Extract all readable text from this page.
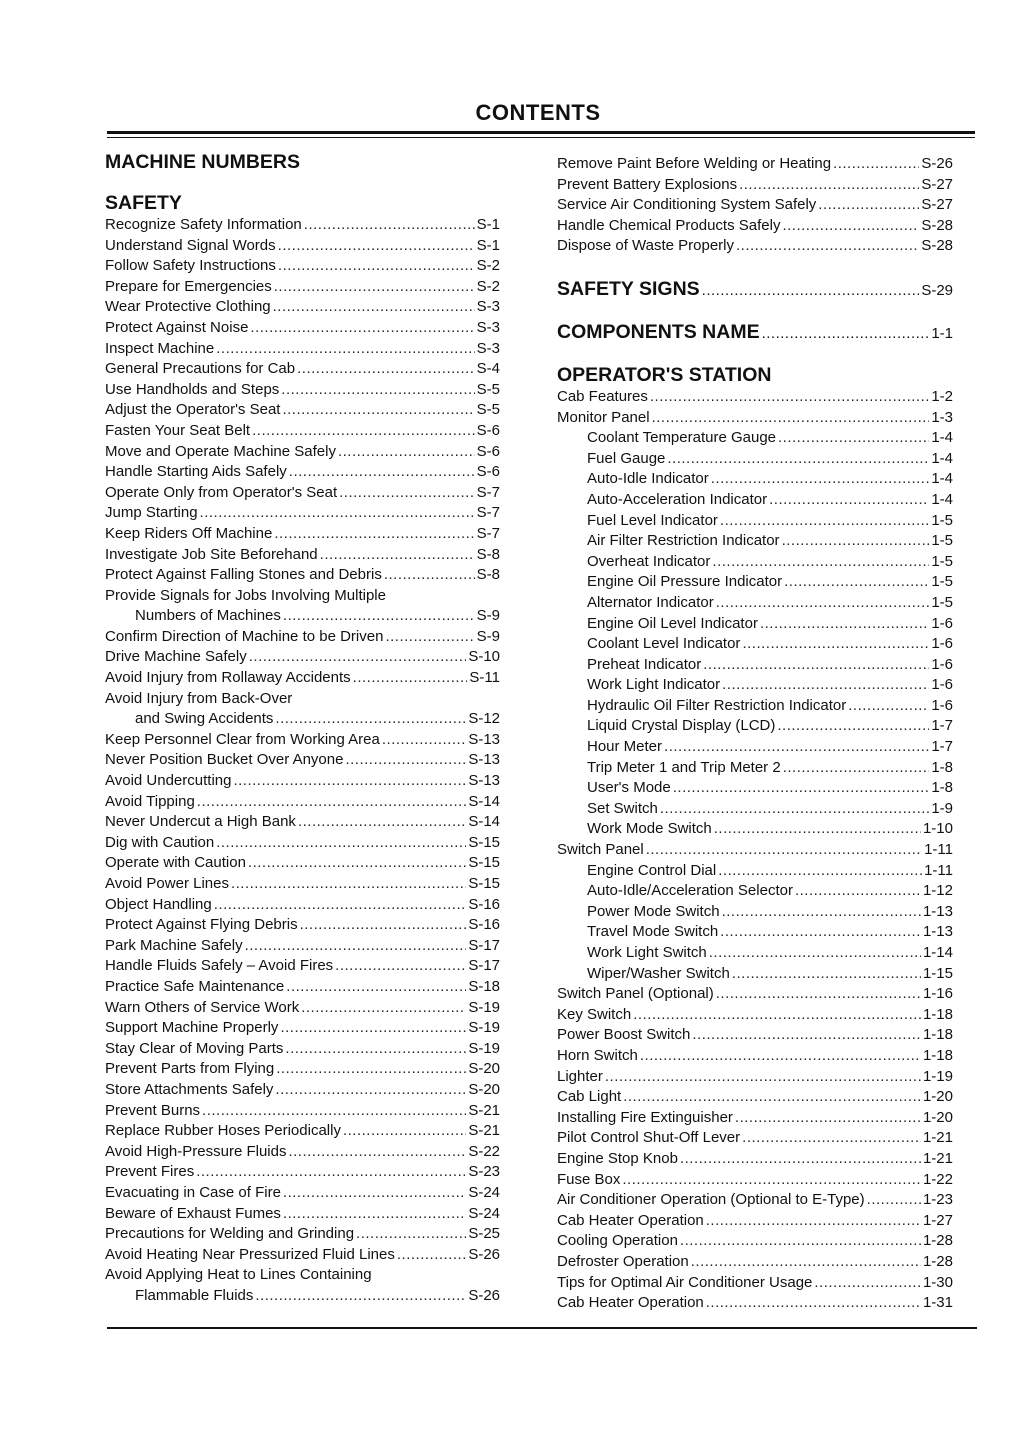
CONTENTS
MACHINE NUMBERS
SAFETY
Recognize Safety Information .....	S-1
Understand Signal Words .....	S-1
Follow Safety Instructions .....	S-2
Prepare for Emergencies .....	S-2
Wear Protective Clothing .....	S-3
Protect Against Noise .....	S-3
Inspect Machine .....	S-3
General Precautions for Cab .....	S-4
Use Handholds and Steps .....	S-5
Adjust the Operator's Seat .....	S-5
Fasten Your Seat Belt .....	S-6
Move and Operate Machine Safely .....	S-6
Handle Starting Aids Safely .....	S-6
Operate Only from Operator's Seat .....	S-7
Jump Starting .....	S-7
Keep Riders Off Machine .....	S-7
Investigate Job Site Beforehand .....	S-8
Protect Against Falling Stones and Debris .....	S-8
Provide Signals for Jobs Involving Multiple
Numbers of Machines .....	S-9
Confirm Direction of Machine to be Driven .....	S-9
Drive Machine Safely .....	S-10
Avoid Injury from Rollaway Accidents .....	S-11
Avoid Injury from Back-Over
and Swing Accidents .....	S-12
Keep Personnel Clear from Working Area .....	S-13
Never Position Bucket Over Anyone .....	S-13
Avoid Undercutting .....	S-13
Avoid Tipping .....	S-14
Never Undercut a High Bank .....	S-14
Dig with Caution .....	S-15
Operate with Caution .....	S-15
Avoid Power Lines .....	S-15
Object Handling .....	S-16
Protect Against Flying Debris .....	S-16
Park Machine Safely .....	S-17
Handle Fluids Safely – Avoid Fires .....	S-17
Practice Safe Maintenance .....	S-18
Warn Others of Service Work .....	S-19
Support Machine Properly .....	S-19
Stay Clear of Moving Parts .....	S-19
Prevent Parts from Flying .....	S-20
Store Attachments Safely .....	S-20
Prevent Burns .....	S-21
Replace Rubber Hoses Periodically .....	S-21
Avoid High-Pressure Fluids .....	S-22
Prevent Fires .....	S-23
Evacuating in Case of Fire .....	S-24
Beware of Exhaust Fumes .....	S-24
Precautions for Welding and Grinding .....	S-25
Avoid Heating Near Pressurized Fluid Lines .....	S-26
Avoid Applying Heat to Lines Containing
Flammable Fluids .....	S-26
Remove Paint Before Welding or Heating .....	S-26
Prevent Battery Explosions .....	S-27
Service Air Conditioning System Safely .....	S-27
Handle Chemical Products Safely .....	S-28
Dispose of Waste Properly .....	S-28
SAFETY SIGNS .....	S-29
COMPONENTS NAME .....	1-1
OPERATOR'S STATION
Cab Features .....	1-2
Monitor Panel .....	1-3
Coolant Temperature Gauge .....	1-4
Fuel Gauge .....	1-4
Auto-Idle Indicator .....	1-4
Auto-Acceleration Indicator .....	1-4
Fuel Level Indicator .....	1-5
Air Filter Restriction Indicator .....	1-5
Overheat Indicator .....	1-5
Engine Oil Pressure Indicator .....	1-5
Alternator Indicator .....	1-5
Engine Oil Level Indicator .....	1-6
Coolant Level Indicator .....	1-6
Preheat Indicator .....	1-6
Work Light Indicator .....	1-6
Hydraulic Oil Filter Restriction Indicator .....	1-6
Liquid Crystal Display (LCD) .....	1-7
Hour Meter .....	1-7
Trip Meter 1 and Trip Meter 2 .....	1-8
User's Mode .....	1-8
Set Switch .....	1-9
Work Mode Switch .....	1-10
Switch Panel .....	1-11
Engine Control Dial .....	1-11
Auto-Idle/Acceleration Selector .....	1-12
Power Mode Switch .....	1-13
Travel Mode Switch .....	1-13
Work Light Switch .....	1-14
Wiper/Washer Switch .....	1-15
Switch Panel (Optional) .....	1-16
Key Switch .....	1-18
Power Boost Switch .....	1-18
Horn Switch .....	1-18
Lighter .....	1-19
Cab Light .....	1-20
Installing Fire Extinguisher .....	1-20
Pilot Control Shut-Off Lever .....	1-21
Engine Stop Knob .....	1-21
Fuse Box .....	1-22
Air Conditioner Operation (Optional to E-Type) .....	1-23
Cab Heater Operation .....	1-27
Cooling Operation .....	1-28
Defroster Operation .....	1-28
Tips for Optimal Air Conditioner Usage .....	1-30
Cab Heater Operation .....	1-31
